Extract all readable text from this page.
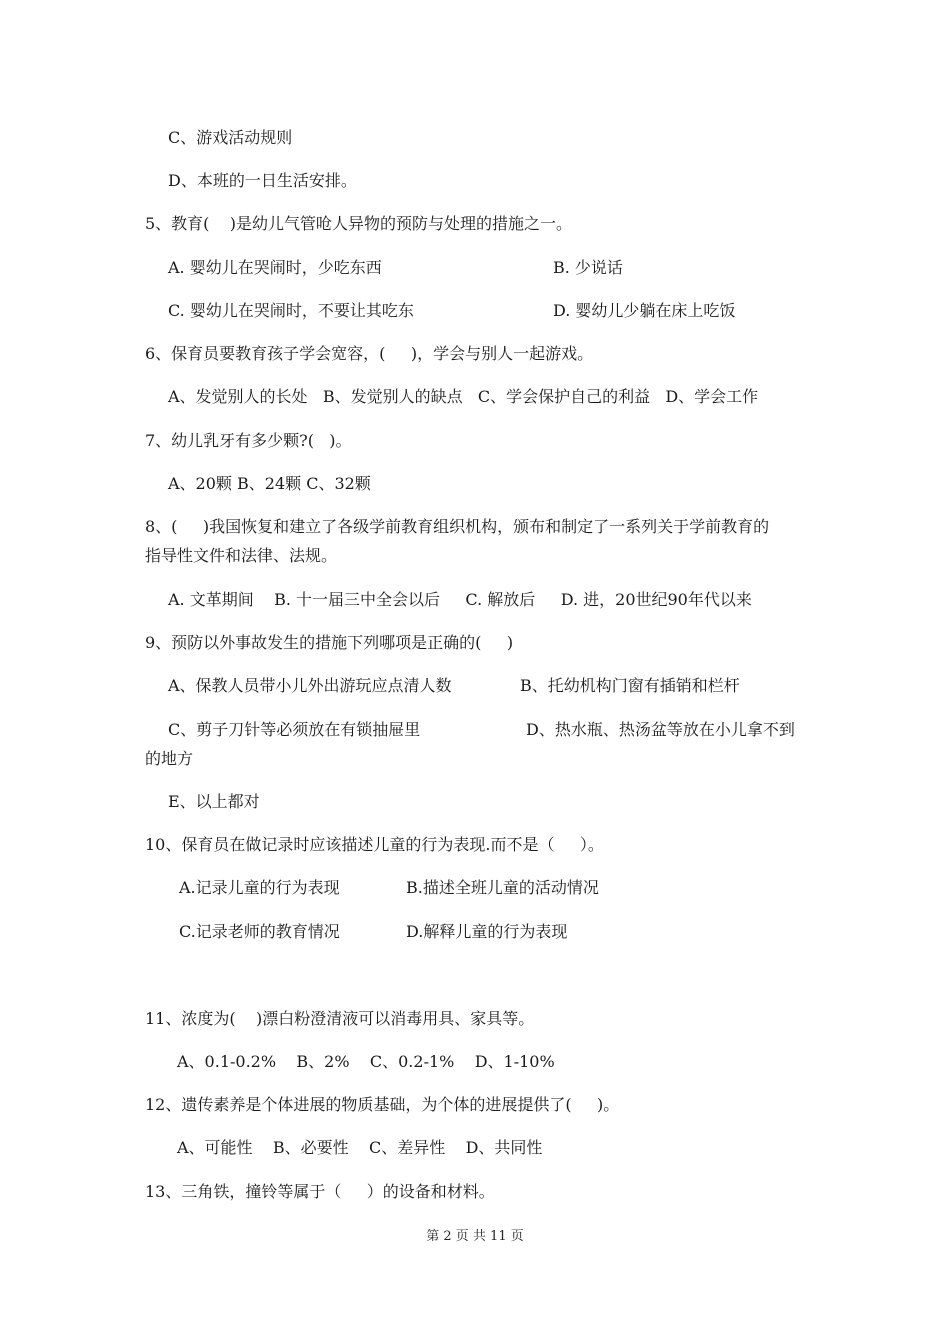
C、游戏活动规则
D、本班的一日生活安排。
5、教育(    )是幼儿气管呛人异物的预防与处理的措施之一。
A. 婴幼儿在哭闹时，少吃东西	B. 少说话
C. 婴幼儿在哭闹时，不要让其吃东	D. 婴幼儿少躺在床上吃饭
6、保育员要教育孩子学会宽容，(     )，学会与别人一起游戏。
A、发觉别人的长处   B、发觉别人的缺点   C、学会保护自己的利益   D、学会工作
7、幼儿乳牙有多少颗?(   )。
A、20颗 B、24颗 C、32颗
8、(     )我国恢复和建立了各级学前教育组织机构，颁布和制定了一系列关于学前教育的
指导性文件和法律、法规。
A. 文革期间    B. 十一届三中全会以后     C. 解放后     D. 进，20世纪90年代以来
9、预防以外事故发生的措施下列哪项是正确的(     )
A、保教人员带小儿外出游玩应点清人数	B、托幼机构门窗有插销和栏杆
C、剪子刀针等必须放在有锁抽屉里	D、热水瓶、热汤盆等放在小儿拿不到
的地方
E、以上都对
10、保育员在做记录时应该描述儿童的行为表现.而不是（     ）。
A.记录儿童的行为表现	B.描述全班儿童的活动情况
C.记录老师的教育情况	D.解释儿童的行为表现
11、浓度为(    )漂白粉澄清液可以消毒用具、家具等。
A、0.1-0.2%    B、2%    C、0.2-1%    D、1-10%
12、遗传素养是个体进展的物质基础，为个体的进展提供了(     )。
A、可能性    B、必要性    C、差异性    D、共同性
13、三角铁，撞铃等属于（     ）的设备和材料。
第 2 页 共 11 页
